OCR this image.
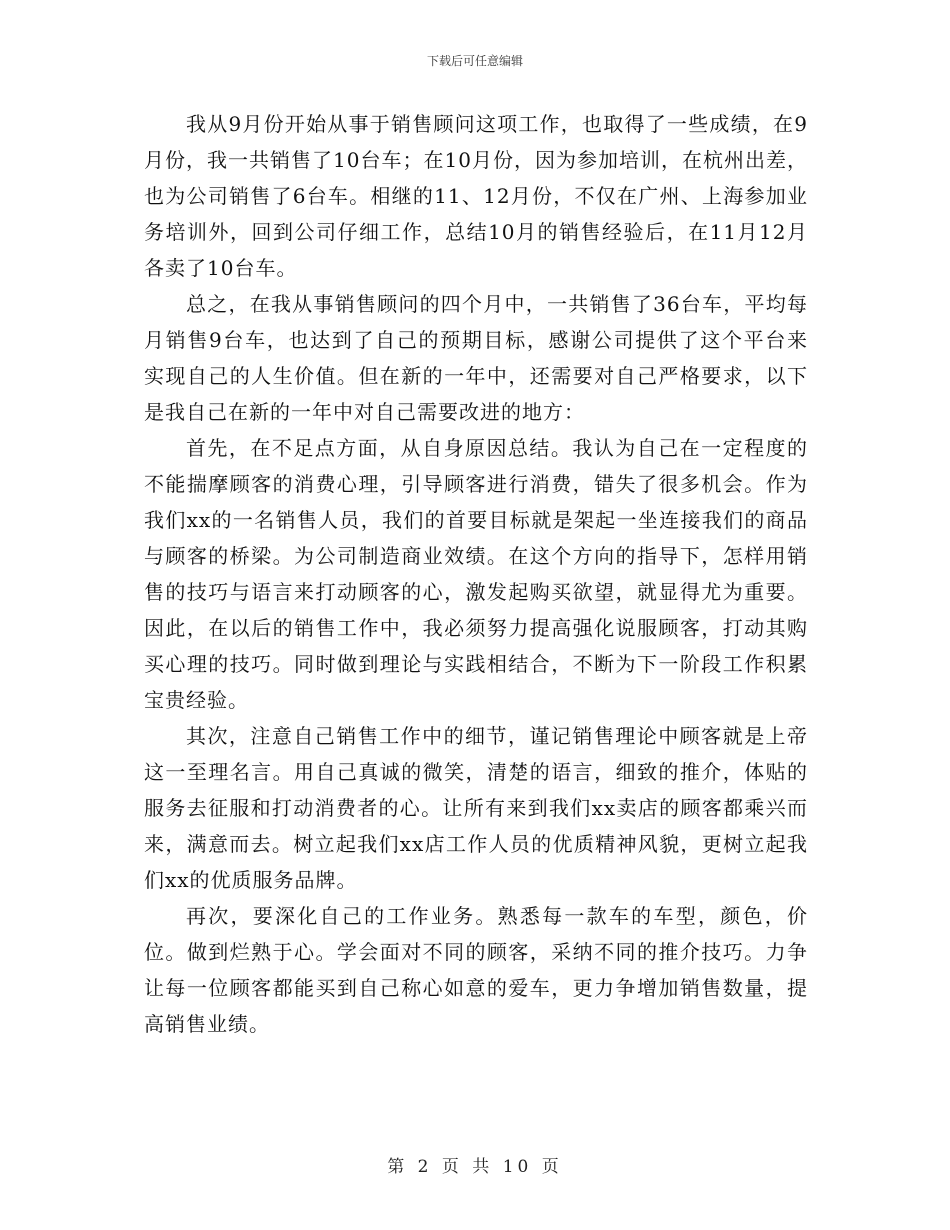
下载后可任意编辑

我从9月份开始从事于销售顾问这项工作，也取得了一些成绩，在9月份，我一共销售了10台车；在10月份，因为参加培训，在杭州出差，也为公司销售了6台车。相继的11、12月份，不仅在广州、上海参加业务培训外，回到公司仔细工作，总结10月的销售经验后，在11月12月各卖了10台车。

总之，在我从事销售顾问的四个月中，一共销售了36台车，平均每月销售9台车，也达到了自己的预期目标，感谢公司提供了这个平台来实现自己的人生价值。但在新的一年中，还需要对自己严格要求，以下是我自己在新的一年中对自己需要改进的地方：

首先，在不足点方面，从自身原因总结。我认为自己在一定程度的不能揣摩顾客的消费心理，引导顾客进行消费，错失了很多机会。作为我们xx的一名销售人员，我们的首要目标就是架起一坐连接我们的商品与顾客的桥梁。为公司制造商业效绩。在这个方向的指导下，怎样用销售的技巧与语言来打动顾客的心，激发起购买欲望，就显得尤为重要。因此，在以后的销售工作中，我必须努力提高强化说服顾客，打动其购买心理的技巧。同时做到理论与实践相结合，不断为下一阶段工作积累宝贵经验。

其次，注意自己销售工作中的细节，谨记销售理论中顾客就是上帝这一至理名言。用自己真诚的微笑，清楚的语言，细致的推介，体贴的服务去征服和打动消费者的心。让所有来到我们xx卖店的顾客都乘兴而来，满意而去。树立起我们xx店工作人员的优质精神风貌，更树立起我们xx的优质服务品牌。

再次，要深化自己的工作业务。熟悉每一款车的车型，颜色，价位。做到烂熟于心。学会面对不同的顾客，采纳不同的推介技巧。力争让每一位顾客都能买到自己称心如意的爱车，更力争增加销售数量，提高销售业绩。

第 2 页 共 10 页
